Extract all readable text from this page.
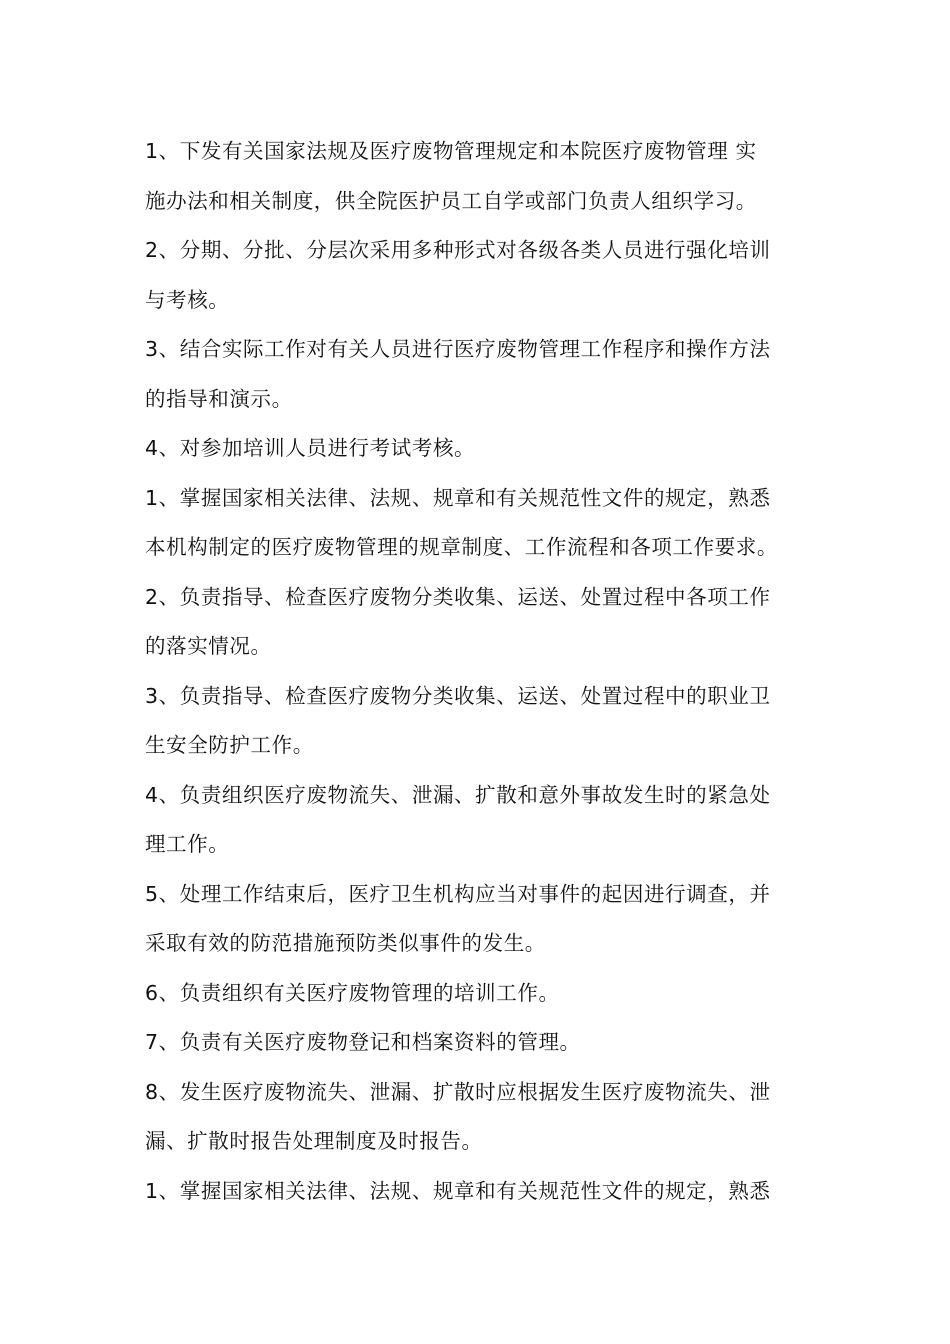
1、下发有关国家法规及医疗废物管理规定和本院医疗废物管理 实
施办法和相关制度，供全院医护员工自学或部门负责人组织学习。
2、分期、分批、分层次采用多种形式对各级各类人员进行强化培训
与考核。
3、结合实际工作对有关人员进行医疗废物管理工作程序和操作方法
的指导和演示。
4、对参加培训人员进行考试考核。
1、掌握国家相关法律、法规、规章和有关规范性文件的规定，熟悉
本机构制定的医疗废物管理的规章制度、工作流程和各项工作要求。
2、负责指导、检查医疗废物分类收集、运送、处置过程中各项工作
的落实情况。
3、负责指导、检查医疗废物分类收集、运送、处置过程中的职业卫
生安全防护工作。
4、负责组织医疗废物流失、泄漏、扩散和意外事故发生时的紧急处
理工作。
5、处理工作结束后，医疗卫生机构应当对事件的起因进行调查，并
采取有效的防范措施预防类似事件的发生。
6、负责组织有关医疗废物管理的培训工作。
7、负责有关医疗废物登记和档案资料的管理。
8、发生医疗废物流失、泄漏、扩散时应根据发生医疗废物流失、泄
漏、扩散时报告处理制度及时报告。
1、掌握国家相关法律、法规、规章和有关规范性文件的规定，熟悉
